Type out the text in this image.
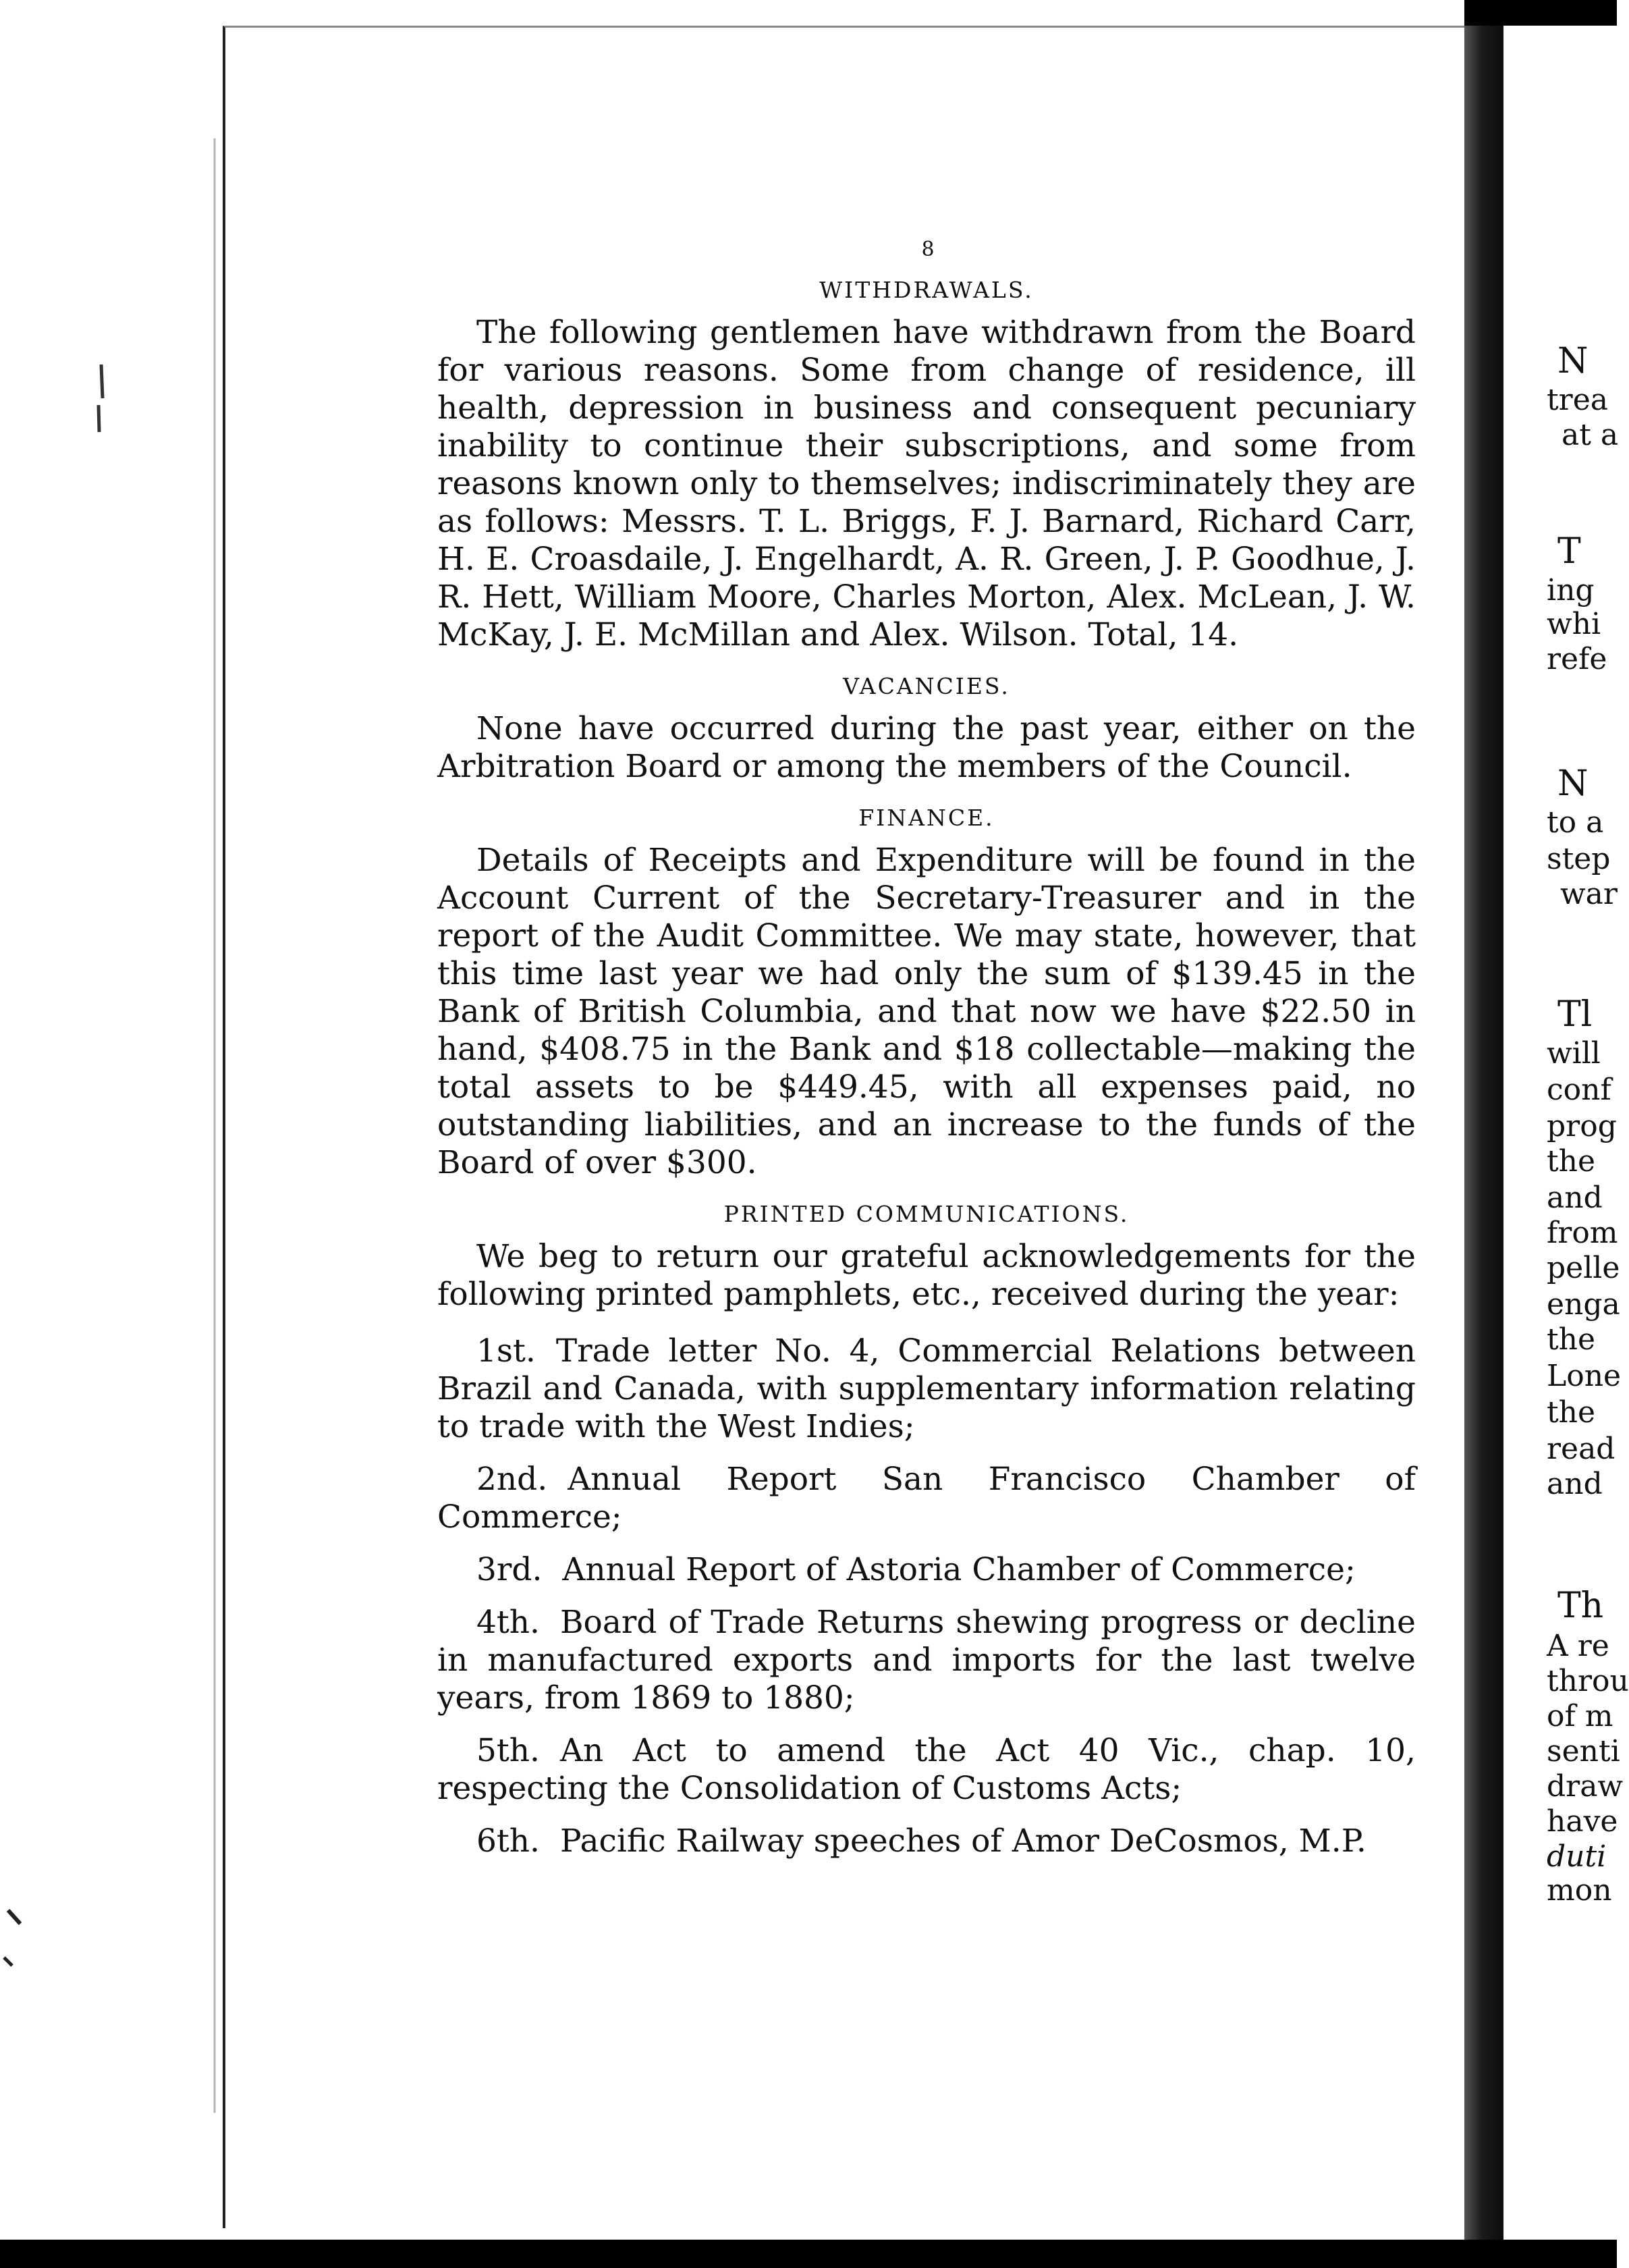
8
WITHDRAWALS.

The following gentlemen have withdrawn from the Board for various reasons. Some from change of residence, ill health, depression in business and consequent pecuniary inability to continue their subscriptions, and some from reasons known only to themselves; indiscriminately they are as follows: Messrs. T. L. Briggs, F. J. Barnard, Richard Carr, H. E. Croasdaile, J. Engelhardt, A. R. Green, J. P. Goodhue, J. R. Hett, William Moore, Charles Morton, Alex. McLean, J. W. McKay, J. E. McMillan and Alex. Wilson. Total, 14.

VACANCIES.

None have occurred during the past year, either on the Arbitration Board or among the members of the Council.

FINANCE.

Details of Receipts and Expenditure will be found in the Account Current of the Secretary-Treasurer and in the report of the Audit Committee. We may state, however, that this time last year we had only the sum of $139.45 in the Bank of British Columbia, and that now we have $22.50 in hand, $408.75 in the Bank and $18 collectable—making the total assets to be $449.45, with all expenses paid, no outstanding liabilities, and an increase to the funds of the Board of over $300.

PRINTED COMMUNICATIONS.

We beg to return our grateful acknowledgements for the following printed pamphlets, etc., received during the year:

1st. Trade letter No. 4, Commercial Relations between Brazil and Canada, with supplementary information relating to trade with the West Indies;
2nd. Annual Report San Francisco Chamber of Commerce;
3rd. Annual Report of Astoria Chamber of Commerce;
4th. Board of Trade Returns shewing progress or decline in manufactured exports and imports for the last twelve years, from 1869 to 1880;
5th. An Act to amend the Act 40 Vic., chap. 10, respecting the Consolidation of Customs Acts;
6th. Pacific Railway speeches of Amor DeCosmos, M.P.
N
trea
at a
T
ing
whi
refe
N
to a
step
war
Tl
will
conf
prog
the
and
from
pelle
enga
the
Lone
the
read
and
Th
A re
throu
of m
senti
draw
have
duti
mon
